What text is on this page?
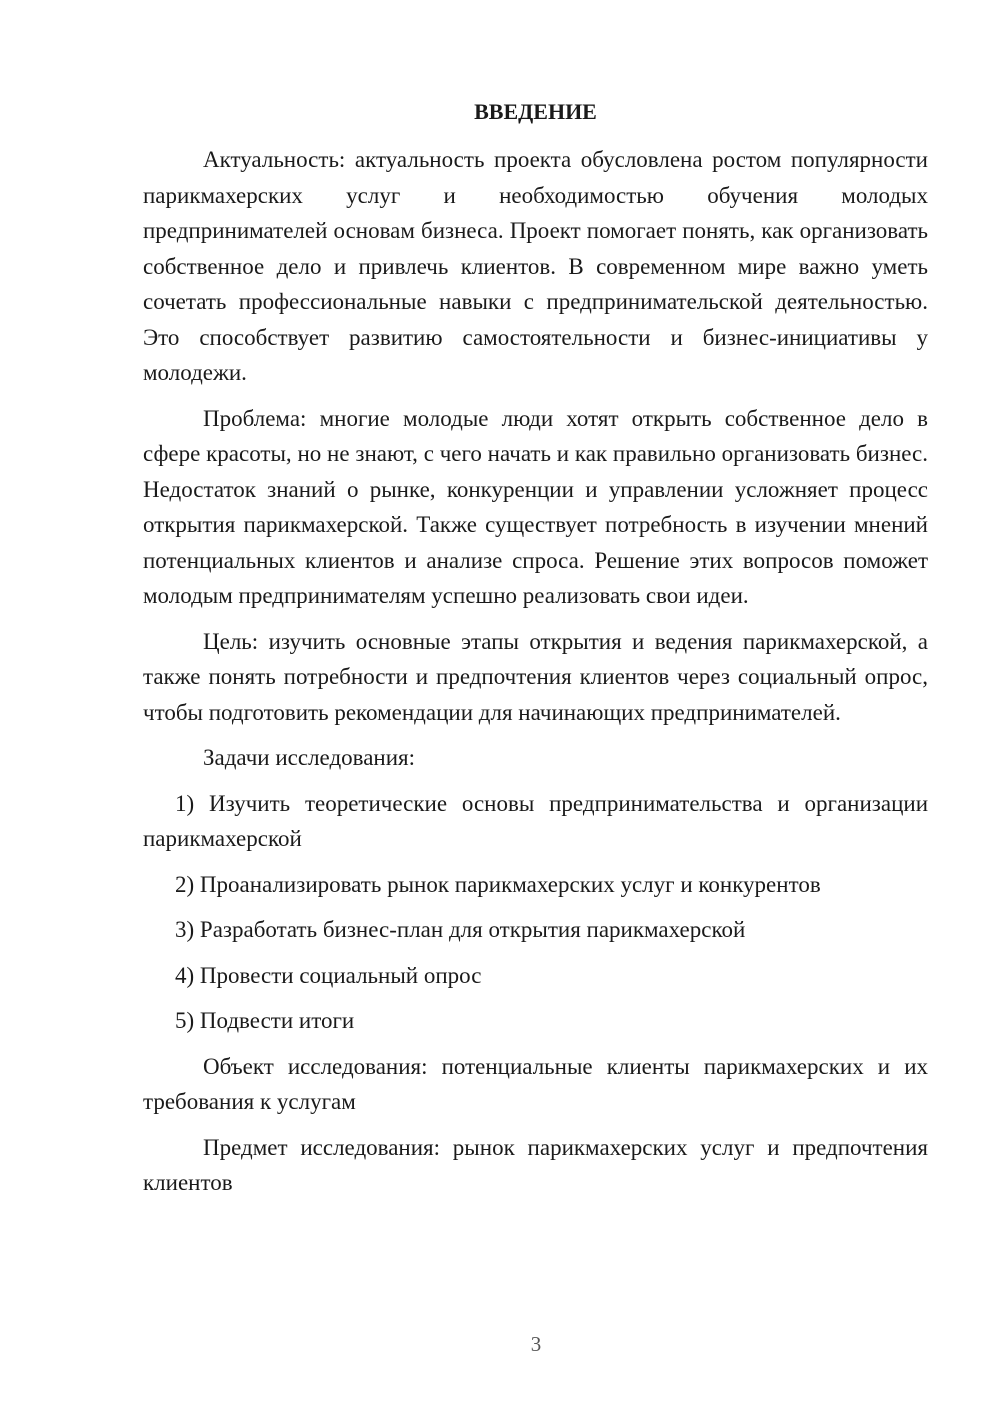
ВВЕДЕНИЕ

Актуальность: актуальность проекта обусловлена ростом популярности парикмахерских услуг и необходимостью обучения молодых предпринимателей основам бизнеса. Проект помогает понять, как организовать собственное дело и привлечь клиентов. В современном мире важно уметь сочетать профессиональные навыки с предпринимательской деятельностью. Это способствует развитию самостоятельности и бизнес-инициативы у молодежи.

Проблема: многие молодые люди хотят открыть собственное дело в сфере красоты, но не знают, с чего начать и как правильно организовать бизнес. Недостаток знаний о рынке, конкуренции и управлении усложняет процесс открытия парикмахерской. Также существует потребность в изучении мнений потенциальных клиентов и анализе спроса. Решение этих вопросов поможет молодым предпринимателям успешно реализовать свои идеи.

Цель: изучить основные этапы открытия и ведения парикмахерской, а также понять потребности и предпочтения клиентов через социальный опрос, чтобы подготовить рекомендации для начинающих предпринимателей.

Задачи исследования:

1) Изучить теоретические основы предпринимательства и организации парикмахерской

2) Проанализировать рынок парикмахерских услуг и конкурентов

3) Разработать бизнес-план для открытия парикмахерской

4) Провести социальный опрос

5) Подвести итоги

Объект исследования: потенциальные клиенты парикмахерских и их требования к услугам

Предмет исследования: рынок парикмахерских услуг и предпочтения клиентов

3
